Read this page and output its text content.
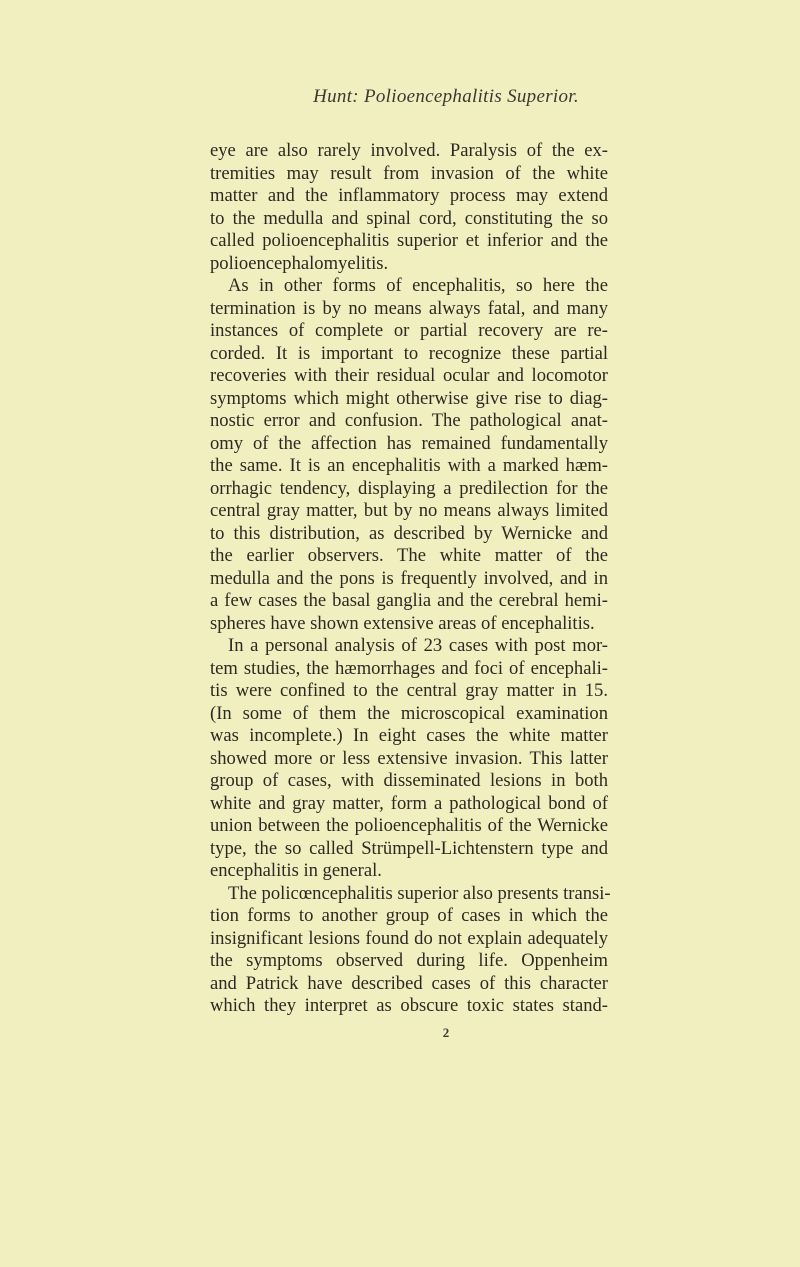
Hunt: Polioencephalitis Superior.
eye are also rarely involved. Paralysis of the ex-
tremities may result from invasion of the white
matter and the inflammatory process may extend
to the medulla and spinal cord, constituting the so
called polioencephalitis superior et inferior and the
polioencephalomyelitis.
As in other forms of encephalitis, so here the
termination is by no means always fatal, and many
instances of complete or partial recovery are re-
corded. It is important to recognize these partial
recoveries with their residual ocular and locomotor
symptoms which might otherwise give rise to diag-
nostic error and confusion. The pathological anat-
omy of the affection has remained fundamentally
the same. It is an encephalitis with a marked hæm-
orrhagic tendency, displaying a predilection for the
central gray matter, but by no means always limited
to this distribution, as described by Wernicke and
the earlier observers. The white matter of the
medulla and the pons is frequently involved, and in
a few cases the basal ganglia and the cerebral hemi-
spheres have shown extensive areas of encephalitis.
In a personal analysis of 23 cases with post mor-
tem studies, the hæmorrhages and foci of encephali-
tis were confined to the central gray matter in 15.
(In some of them the microscopical examination
was incomplete.) In eight cases the white matter
showed more or less extensive invasion. This latter
group of cases, with disseminated lesions in both
white and gray matter, form a pathological bond of
union between the polioencephalitis of the Wernicke
type, the so called Strümpell-Lichtenstern type and
encephalitis in general.
The policœncephalitis superior also presents transi-
tion forms to another group of cases in which the
insignificant lesions found do not explain adequately
the symptoms observed during life. Oppenheim
and Patrick have described cases of this character
which they interpret as obscure toxic states stand-
2
